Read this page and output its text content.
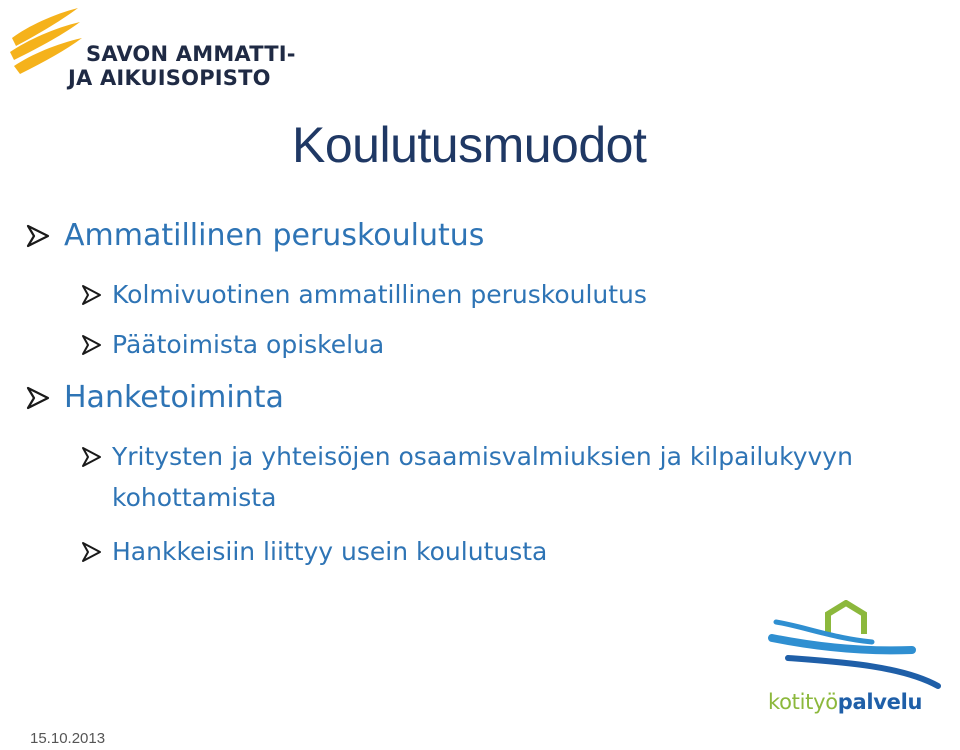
SAVON AMMATTI-
JA AIKUISOPISTO
Koulutusmuodot
Ammatillinen peruskoulutus
Kolmivuotinen ammatillinen peruskoulutus
Päätoimista opiskelua
Hanketoiminta
Yritysten ja yhteisöjen osaamisvalmiuksien ja kilpailukyvyn kohottamista
Hankkeisiin liittyy usein koulutusta
kotityöpalvelu
15.10.2013
